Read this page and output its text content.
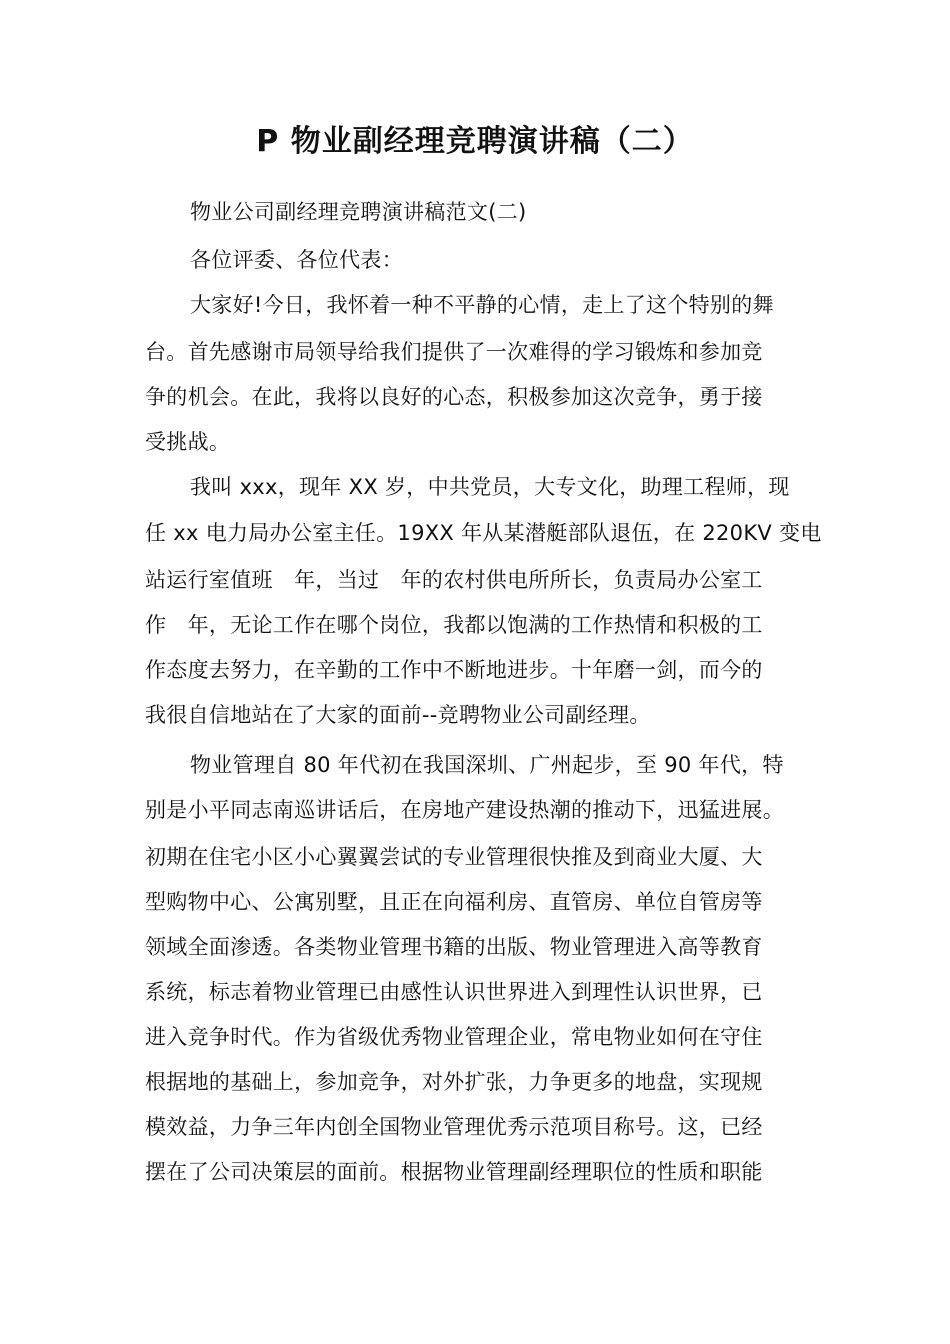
P 物业副经理竞聘演讲稿（二）
物业公司副经理竞聘演讲稿范文(二)
各位评委、各位代表：
大家好!今日，我怀着一种不平静的心情，走上了这个特别的舞
台。首先感谢市局领导给我们提供了一次难得的学习锻炼和参加竞
争的机会。在此，我将以良好的心态，积极参加这次竞争，勇于接
受挑战。
我叫 xxx，现年 XX 岁，中共党员，大专文化，助理工程师，现
任 xx 电力局办公室主任。19XX 年从某潜艇部队退伍，在 220KV 变电
站运行室值班　年，当过　年的农村供电所所长，负责局办公室工
作　年，无论工作在哪个岗位，我都以饱满的工作热情和积极的工
作态度去努力，在辛勤的工作中不断地进步。十年磨一剑，而今的
我很自信地站在了大家的面前--竞聘物业公司副经理。
物业管理自 80 年代初在我国深圳、广州起步，至 90 年代，特
别是小平同志南巡讲话后，在房地产建设热潮的推动下，迅猛进展。
初期在住宅小区小心翼翼尝试的专业管理很快推及到商业大厦、大
型购物中心、公寓别墅，且正在向福利房、直管房、单位自管房等
领域全面渗透。各类物业管理书籍的出版、物业管理进入高等教育
系统，标志着物业管理已由感性认识世界进入到理性认识世界，已
进入竞争时代。作为省级优秀物业管理企业，常电物业如何在守住
根据地的基础上，参加竞争，对外扩张，力争更多的地盘，实现规
模效益，力争三年内创全国物业管理优秀示范项目称号。这，已经
摆在了公司决策层的面前。根据物业管理副经理职位的性质和职能
